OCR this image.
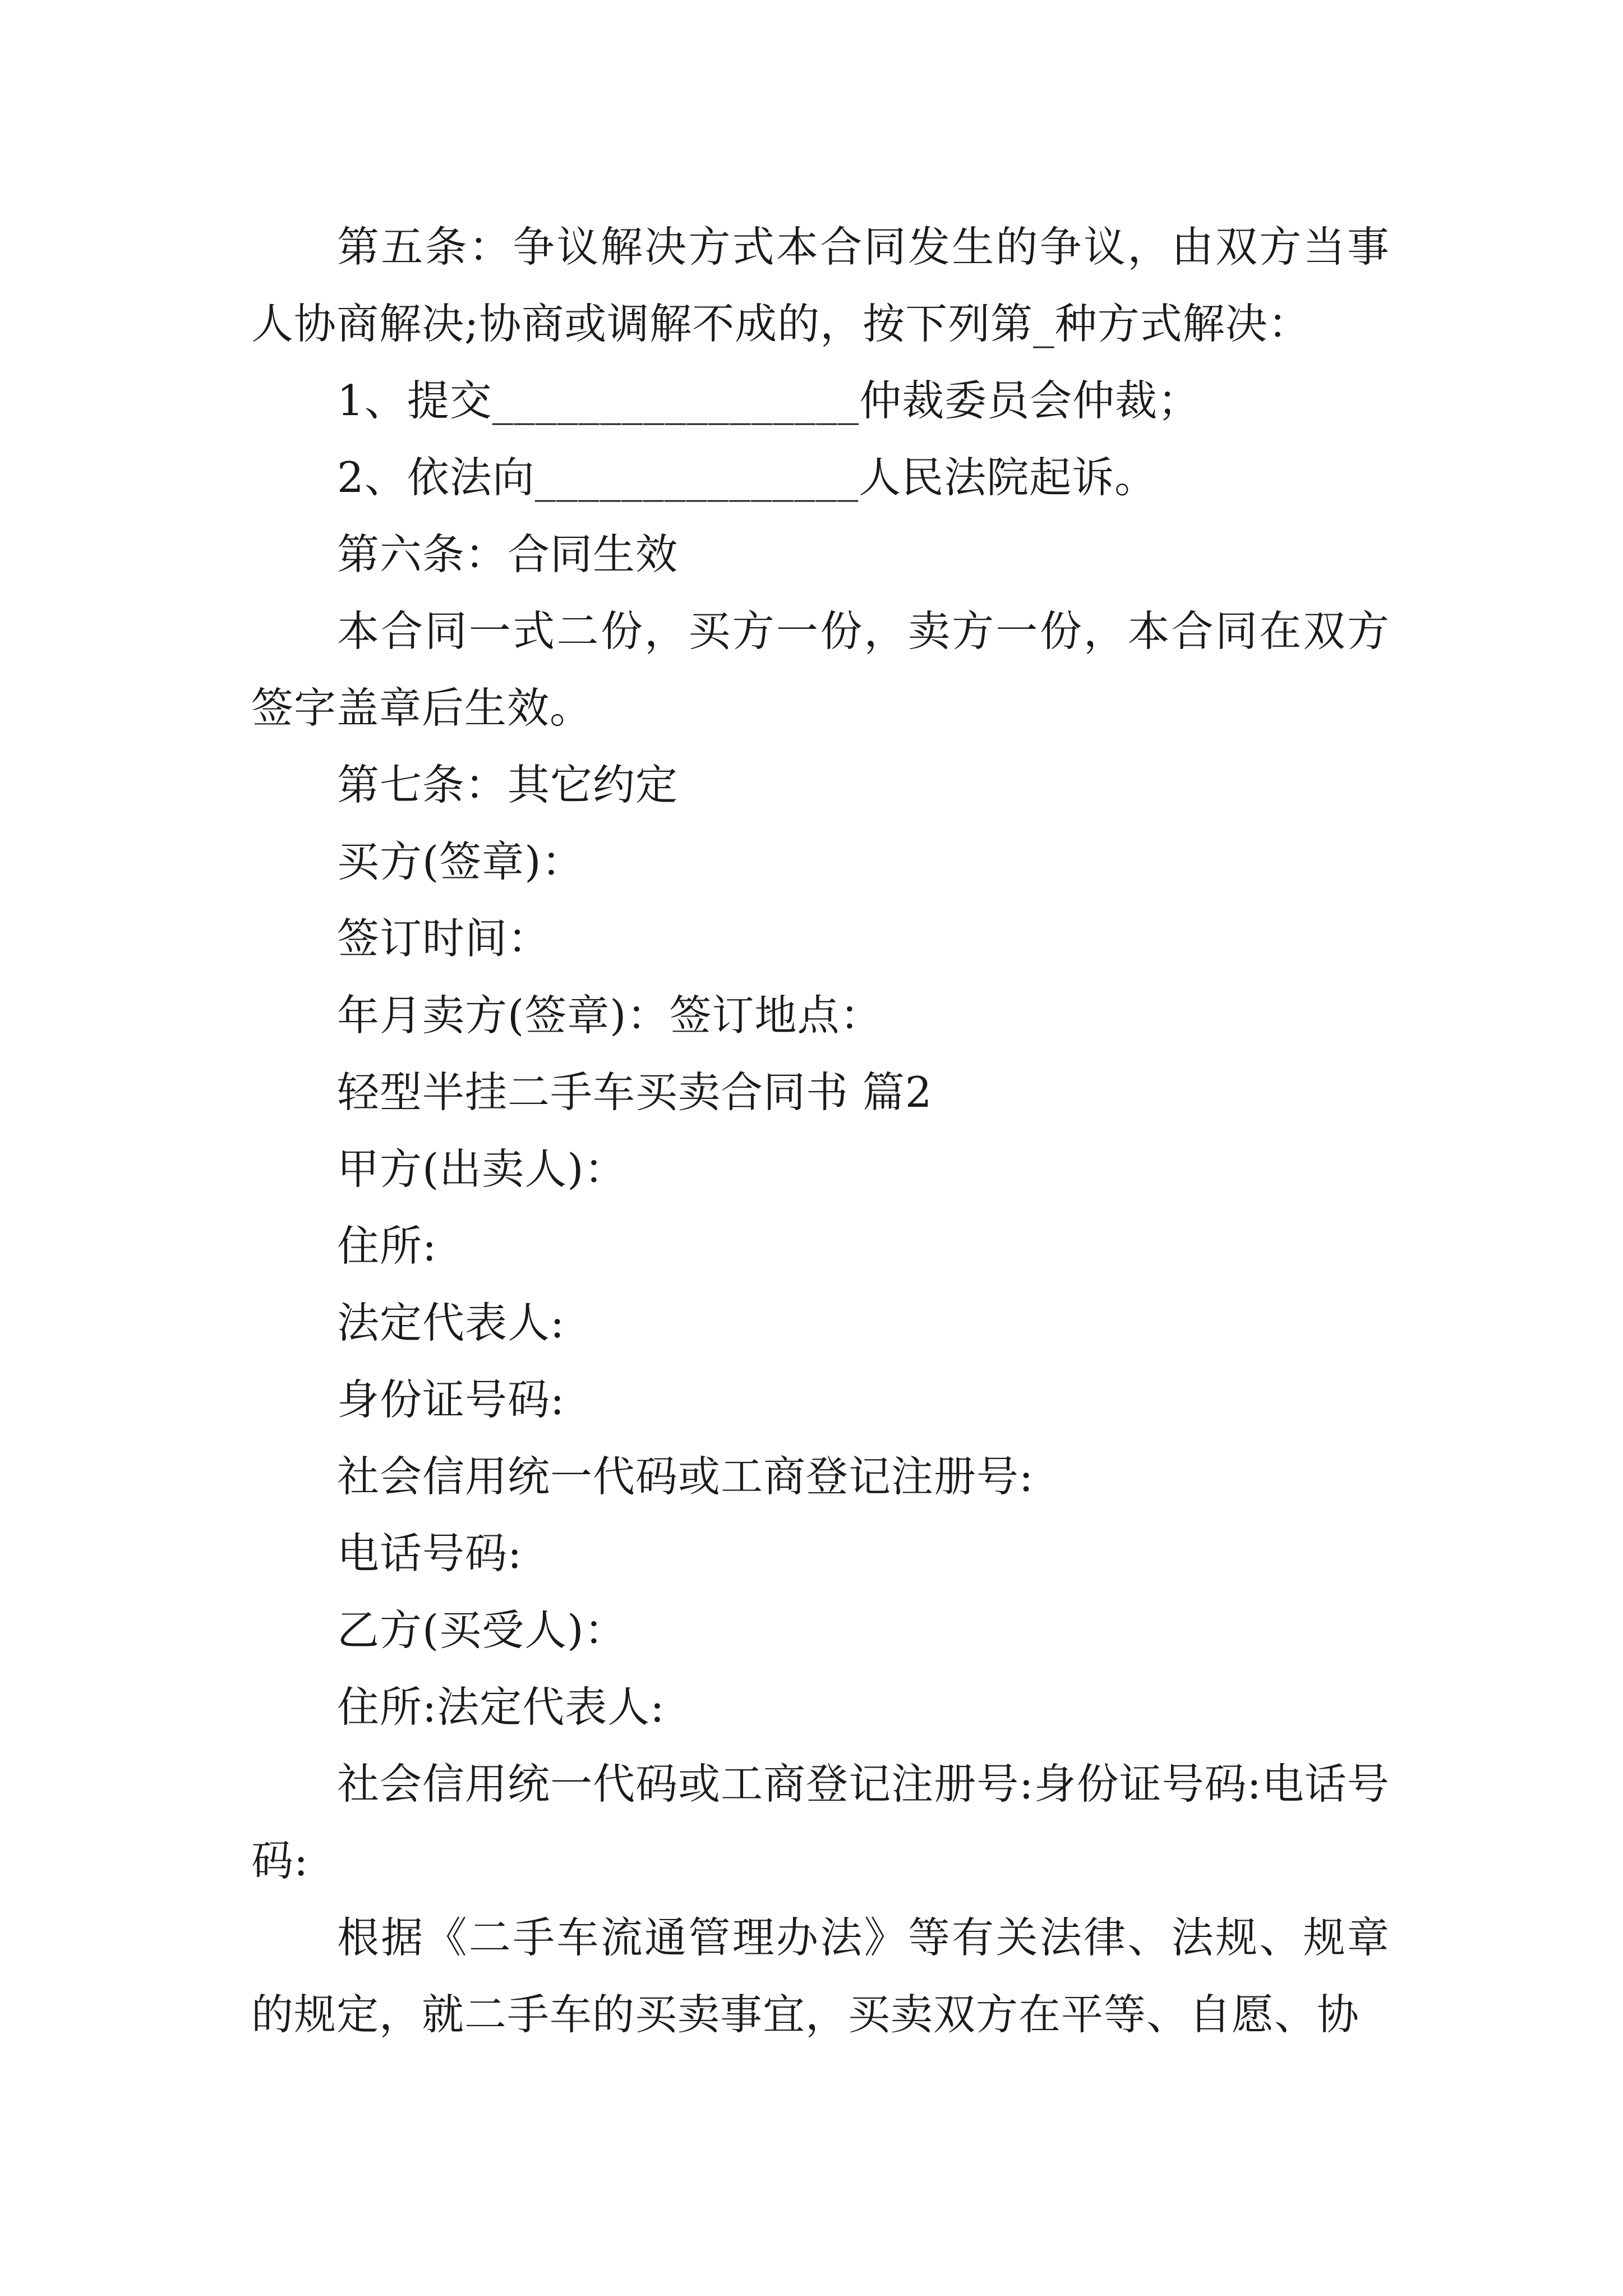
第五条：争议解决方式本合同发生的争议，由双方当事人协商解决;协商或调解不成的，按下列第_种方式解决：

1、提交_________________仲裁委员会仲裁；

2、依法向_______________人民法院起诉。

第六条：合同生效

本合同一式二份，买方一份，卖方一份，本合同在双方签字盖章后生效。

第七条：其它约定

买方(签章)：

签订时间：

年月卖方(签章)：签订地点：

轻型半挂二手车买卖合同书 篇2

甲方(出卖人)：

住所:

法定代表人:

身份证号码:

社会信用统一代码或工商登记注册号:

电话号码:

乙方(买受人)：

住所:法定代表人:

社会信用统一代码或工商登记注册号:身份证号码:电话号码:

根据《二手车流通管理办法》等有关法律、法规、规章的规定，就二手车的买卖事宜，买卖双方在平等、自愿、协
